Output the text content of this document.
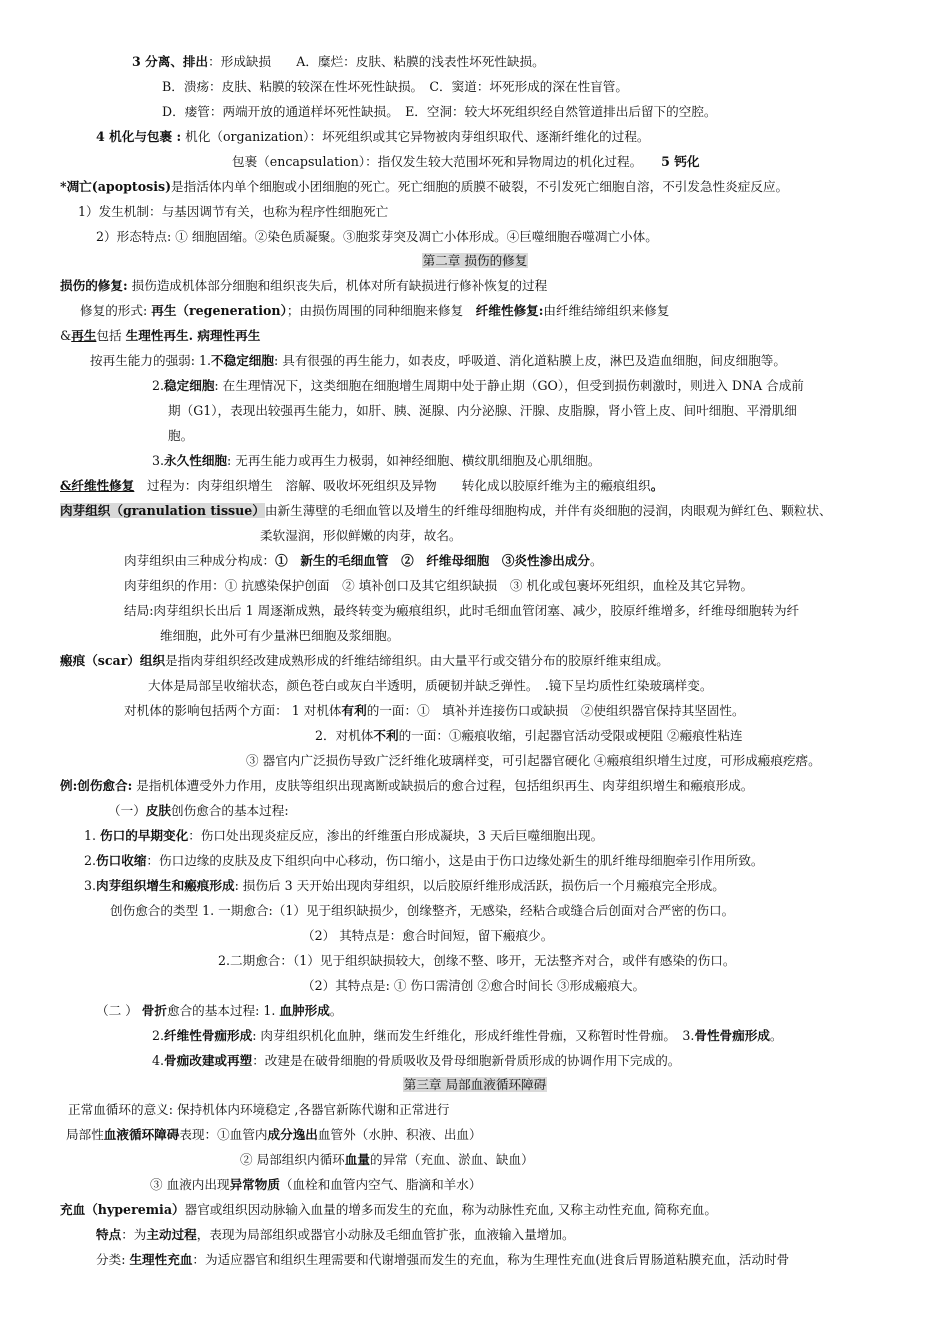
3 分离、排出：形成缺损　　A．糜烂：皮肤、粘膜的浅表性坏死性缺损。
B．溃疡：皮肤、粘膜的较深在性坏死性缺损。　C．窦道：坏死形成的深在性盲管。
D．瘘管：两端开放的通道样坏死性缺损。　E．空洞：较大坏死组织经自然管道排出后留下的空腔。
4 机化与包裹 : 机化（organization）：坏死组织或其它异物被肉芽组织取代、逐渐纤维化的过程。
包裹（encapsulation）：指仅发生较大范围坏死和异物周边的机化过程。　　5 钙化
*凋亡(apoptosis)是指活体内单个细胞或小团细胞的死亡。死亡细胞的质膜不破裂，不引发死亡细胞自溶，不引发急性炎症反应。
1）发生机制：与基因调节有关，也称为程序性细胞死亡
2）形态特点: ① 细胞固缩。②染色质凝聚。③胞浆芽突及凋亡小体形成。④巨噬细胞吞噬凋亡小体。
第二章 损伤的修复
损伤的修复: 损伤造成机体部分细胞和组织丧失后，机体对所有缺损进行修补恢复的过程
修复的形式: 再生（regeneration）；由损伤周围的同种细胞来修复　纤维性修复:由纤维结缔组织来修复
&再生包括 生理性再生. 病理性再生
按再生能力的强弱: 1.不稳定细胞: 具有很强的再生能力，如表皮，呼吸道、消化道粘膜上皮，淋巴及造血细胞，间皮细胞等。
2.稳定细胞: 在生理情况下，这类细胞在细胞增生周期中处于静止期（GO），但受到损伤刺激时，则进入 DNA 合成前
期（G1），表现出较强再生能力，如肝、胰、涎腺、内分泌腺、汗腺、皮脂腺，肾小管上皮、间叶细胞、平滑肌细
胞。
3.永久性细胞: 无再生能力或再生力极弱，如神经细胞、横纹肌细胞及心肌细胞。
&纤维性修复　过程为：肉芽组织增生　溶解、吸收坏死组织及异物　　转化成以胶原纤维为主的瘢痕组织。
肉芽组织（granulation tissue）由新生薄壁的毛细血管以及增生的纤维母细胞构成，并伴有炎细胞的浸润，肉眼观为鲜红色、颗粒状、
柔软湿润，形似鲜嫩的肉芽，故名。
肉芽组织由三种成分构成：①　新生的毛细血管　②　纤维母细胞　③炎性渗出成分。
肉芽组织的作用：① 抗感染保护创面　② 填补创口及其它组织缺损　③ 机化或包裹坏死组织，血栓及其它异物。
结局:肉芽组织长出后 1 周逐渐成熟，最终转变为瘢痕组织，此时毛细血管闭塞、减少，胶原纤维增多，纤维母细胞转为纤
维细胞，此外可有少量淋巴细胞及浆细胞。
瘢痕（scar）组织是指肉芽组织经改建成熟形成的纤维结缔组织。由大量平行或交错分布的胶原纤维束组成。
大体是局部呈收缩状态，颜色苍白或灰白半透明，质硬韧并缺乏弹性。　.镜下呈均质性红染玻璃样变。
对机体的影响包括两个方面： 1 对机体有利的一面：①　填补并连接伤口或缺损　②使组织器官保持其坚固性。
2．对机体不利的一面：①瘢痕收缩，引起器官活动受限或梗阻 ②瘢痕性粘连
③ 器官内广泛损伤导致广泛纤维化玻璃样变，可引起器官硬化 ④瘢痕组织增生过度，可形成瘢痕疙瘩。
例:创伤愈合: 是指机体遭受外力作用，皮肤等组织出现离断或缺损后的愈合过程，包括组织再生、肉芽组织增生和瘢痕形成。
（一）皮肤创伤愈合的基本过程:
1. 伤口的早期变化：伤口处出现炎症反应，渗出的纤维蛋白形成凝块，3 天后巨噬细胞出现。
2.伤口收缩：伤口边缘的皮肤及皮下组织向中心移动，伤口缩小，这是由于伤口边缘处新生的肌纤维母细胞牵引作用所致。
3.肉芽组织增生和瘢痕形成: 损伤后 3 天开始出现肉芽组织，以后胶原纤维形成活跃，损伤后一个月瘢痕完全形成。
创伤愈合的类型 1. 一期愈合:（1）见于组织缺损少，创缘整齐，无感染，经粘合或缝合后创面对合严密的伤口。
（2） 其特点是：愈合时间短，留下瘢痕少。
2.二期愈合：（1）见于组织缺损较大，创缘不整、哆开，无法整齐对合，或伴有感染的伤口。
（2）其特点是: ① 伤口需清创 ②愈合时间长 ③形成瘢痕大。
（二 ） 骨折愈合的基本过程: 1. 血肿形成。
2.纤维性骨痂形成: 肉芽组织机化血肿，继而发生纤维化，形成纤维性骨痂，又称暂时性骨痂。　3.骨性骨痂形成。
4.骨痂改建或再塑：改建是在破骨细胞的骨质吸收及骨母细胞新骨质形成的协调作用下完成的。
第三章 局部血液循环障碍
正常血循环的意义: 保持机体内环境稳定 ,各器官新陈代谢和正常进行
局部性血液循环障碍表现：①血管内成分逸出血管外（水肿、积液、出血）
② 局部组织内循环血量的异常（充血、淤血、缺血）
③ 血液内出现异常物质（血栓和血管内空气、脂滴和羊水）
充血（hyperemia）器官或组织因动脉输入血量的增多而发生的充血，称为动脉性充血, 又称主动性充血, 简称充血。
特点：为主动过程，表现为局部组织或器官小动脉及毛细血管扩张，血液输入量增加。
分类: 生理性充血：为适应器官和组织生理需要和代谢增强而发生的充血，称为生理性充血(进食后胃肠道粘膜充血，活动时骨
